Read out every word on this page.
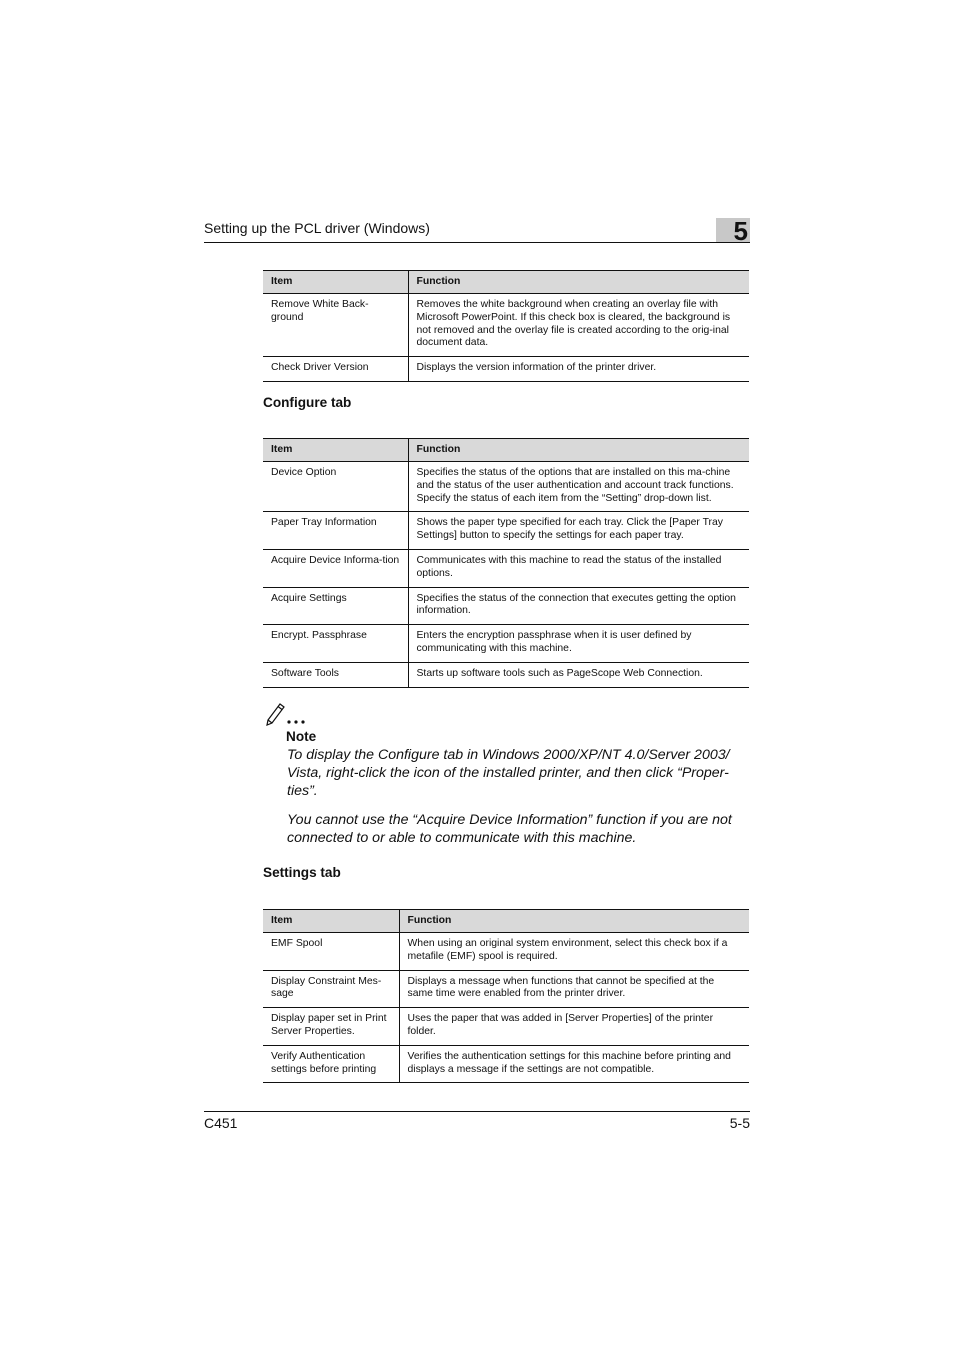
Setting up the PCL driver (Windows)	5
Item	Function
Remove White Back-ground	Removes the white background when creating an overlay file with Microsoft PowerPoint. If this check box is cleared, the background is not removed and the overlay file is created according to the orig-inal document data.
Check Driver Version	Displays the version information of the printer driver.
Configure tab
Item	Function
Device Option	Specifies the status of the options that are installed on this ma-chine and the status of the user authentication and account track functions. Specify the status of each item from the “Setting” drop-down list.
Paper Tray Information	Shows the paper type specified for each tray. Click the [Paper Tray Settings] button to specify the settings for each paper tray.
Acquire Device Informa-tion	Communicates with this machine to read the status of the installed options.
Acquire Settings	Specifies the status of the connection that executes getting the option information.
Encrypt. Passphrase	Enters the encryption passphrase when it is user defined by communicating with this machine.
Software Tools	Starts up software tools such as PageScope Web Connection.
Note

To display the Configure tab in Windows 2000/XP/NT 4.0/Server 2003/ Vista, right-click the icon of the installed printer, and then click “Proper-ties”.

You cannot use the “Acquire Device Information” function if you are not connected to or able to communicate with this machine.

Settings tab
Item	Function
EMF Spool	When using an original system environment, select this check box if a metafile (EMF) spool is required.
Display Constraint Mes-sage	Displays a message when functions that cannot be specified at the same time were enabled from the printer driver.
Display paper set in Print Server Properties.	Uses the paper that was added in [Server Properties] of the printer folder.
Verify Authentication settings before printing	Verifies the authentication settings for this machine before printing and displays a message if the settings are not compatible.
C451	5-5
